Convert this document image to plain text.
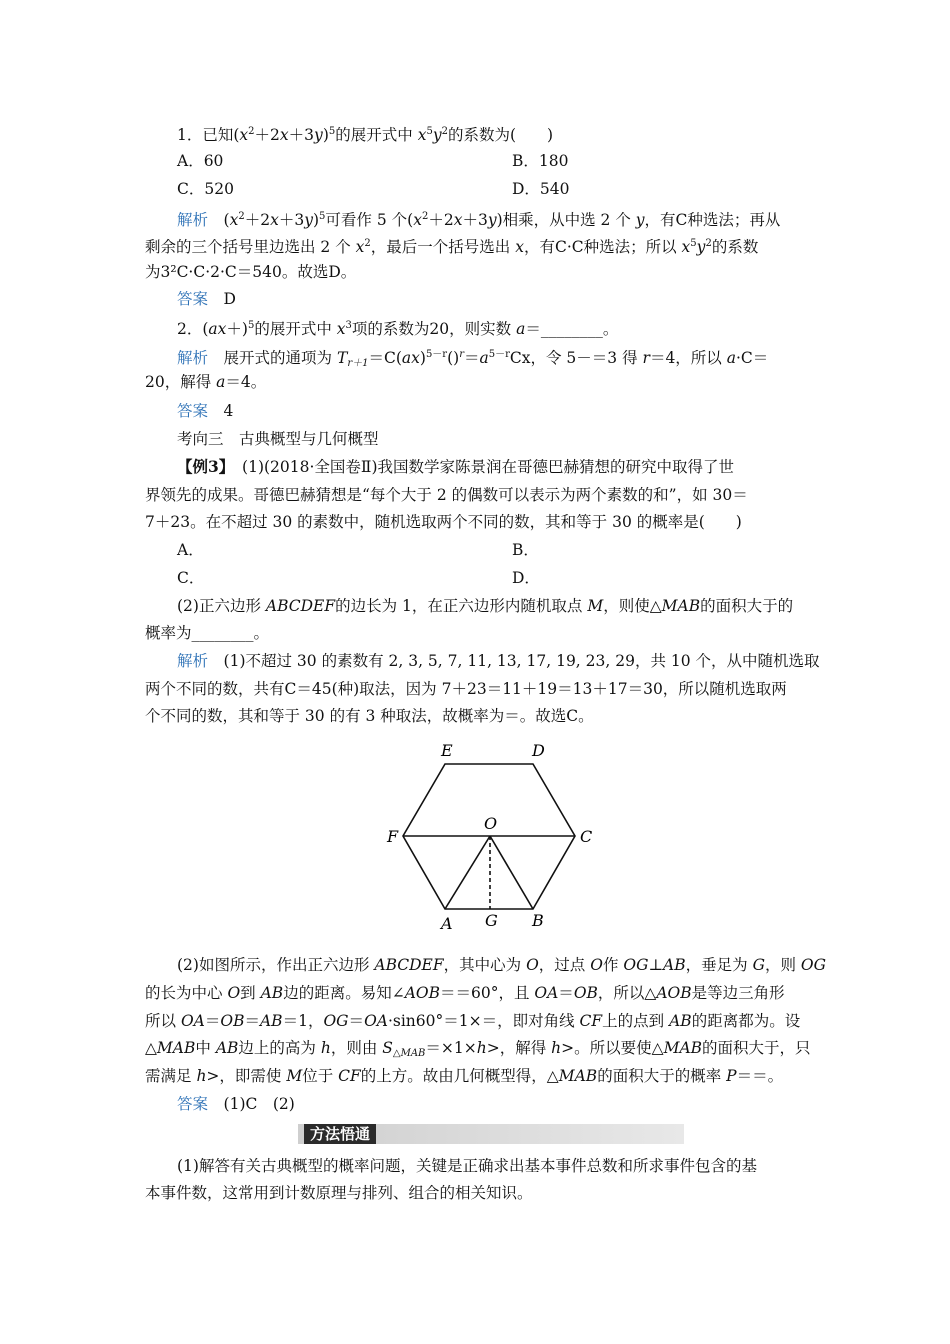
1．已知$(x^2+2x+3y)^5$的展开式中 $x^5y^2$的系数为(　　)
A．60	B．180
C．520	D．540
解析　 $(x^2+2x+3y)^5$可看作 5 个$(x^2+2x+3y)$相乘，从中选 2 个 y，有C种选法；再从
剩余的三个括号里边选出 2 个 $x^2$，最后一个括号选出 x，有C·C种选法；所以 $x^5y^2$的系数
为3²C·C·2·C＝540。故选D。
答案　 D
2．$(ax+)^5$的展开式中 $x^3$项的系数为20，则实数 a＝________。
解析　 展开式的通项为 $T_{r+1}=C(ax)^{5-r}()^r=a^{5-r}Cx$，令 5－＝3 得 r＝4，所以 a·C＝
20，解得 a＝4。
答案　 4
考向三　古典概型与几何概型
【例3】　(1)(2018·全国卷Ⅱ)我国数学家陈景润在哥德巴赫猜想的研究中取得了世
界领先的成果。哥德巴赫猜想是“每个大于 2 的偶数可以表示为两个素数的和”，如 30＝
7＋23。在不超过 30 的素数中，随机选取两个不同的数，其和等于 30 的概率是(　　)
A．	B．
C．	D．
(2)正六边形 ABCDEF的边长为 1，在正六边形内随机取点 M，则使△MAB的面积大于的
概率为________。
解析　 (1)不超过 30 的素数有 2, 3, 5, 7, 11, 13, 17, 19, 23, 29，共 10 个，从中随机选取
两个不同的数，共有C＝45(种)取法，因为 7＋23＝11＋19＝13＋17＝30，所以随机选取两
个不同的数，其和等于 30 的有 3 种取法，故概率为＝。故选C。
E	D
F
O
C
A G B
(2)如图所示，作出正六边形 ABCDEF，其中心为 O，过点 O作 OG⊥AB，垂足为 G，则 OG
的长为中心 O到 AB边的距离。易知∠AOB＝＝60°，且 OA＝OB，所以△AOB是等边三角形
所以 OA＝OB＝AB＝1，OG＝OA·sin60°＝1×＝，即对角线 CF上的点到 AB的距离都为。设
△MAB中 AB边上的高为 h，则由 $S_{\triangle MAB}=\times 1\times h>$，解得 h>。所以要使△MAB的面积大于，只
需满足 h>，即需使 M位于 CF的上方。故由几何概型得，△MAB的面积大于的概率 P＝＝。
答案　 (1)C　(2)
方法悟通
(1)解答有关古典概型的概率问题，关键是正确求出基本事件总数和所求事件包含的基
本事件数，这常用到计数原理与排列、组合的相关知识。
